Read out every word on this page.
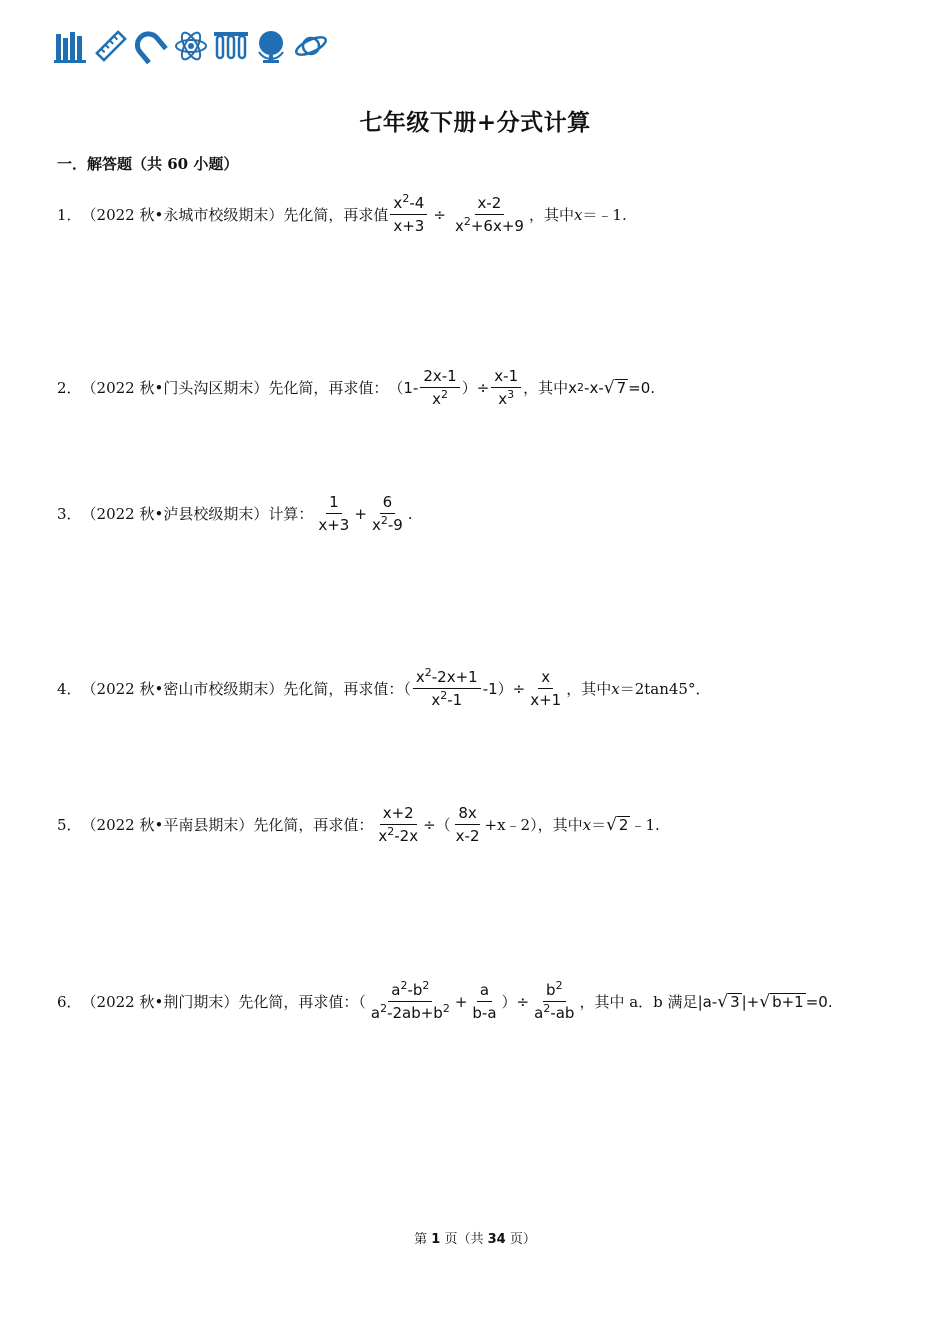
七年级下册+分式计算
一．解答题（共 60 小题）
1． （2022 秋•永城市校级期末） 先化简，再求值 $\frac{x^2-4}{x+3} \div \frac{x-2}{x^2+6x+9}$ ，其中 x ＝﹣1.
2． （2022 秋•门头沟区期末） 先化简，再求值： （$1- \frac{2x-1}{x^2}$ ）÷ $\frac{x-1}{x^3}$ ，其中 x 2 -x- √ 7 =0.
3． （2022 秋•泸县校级期末） 计算： $\frac{1}{x+3} + \frac{6}{x^2-9}$ .
4． （2022 秋•密山市校级期末） 先化简，再求值：（ $\frac{x^2-2x+1}{x^2-1} -1)\div \frac{x}{x+1}$ ，其中 x ＝2tan45°．
5． （2022 秋•平南县期末） 先化简，再求值： $\frac{x+2}{x^2-2x}$ ÷（ $\frac{8x}{x-2}$ +x﹣2），其中 x ＝ √ 2 ﹣1.
6． （2022 秋•荆门期末） 先化简，再求值：（ $\frac{a^2-b^2}{a^2-2ab+b^2} + \frac{a}{b-a}$ ）÷ $\frac{b^2}{a^2-ab}$ ，其中 a．b 满足 |a- √ 3 |+ √ b+1 =0.
第 1 页（共 34 页）
